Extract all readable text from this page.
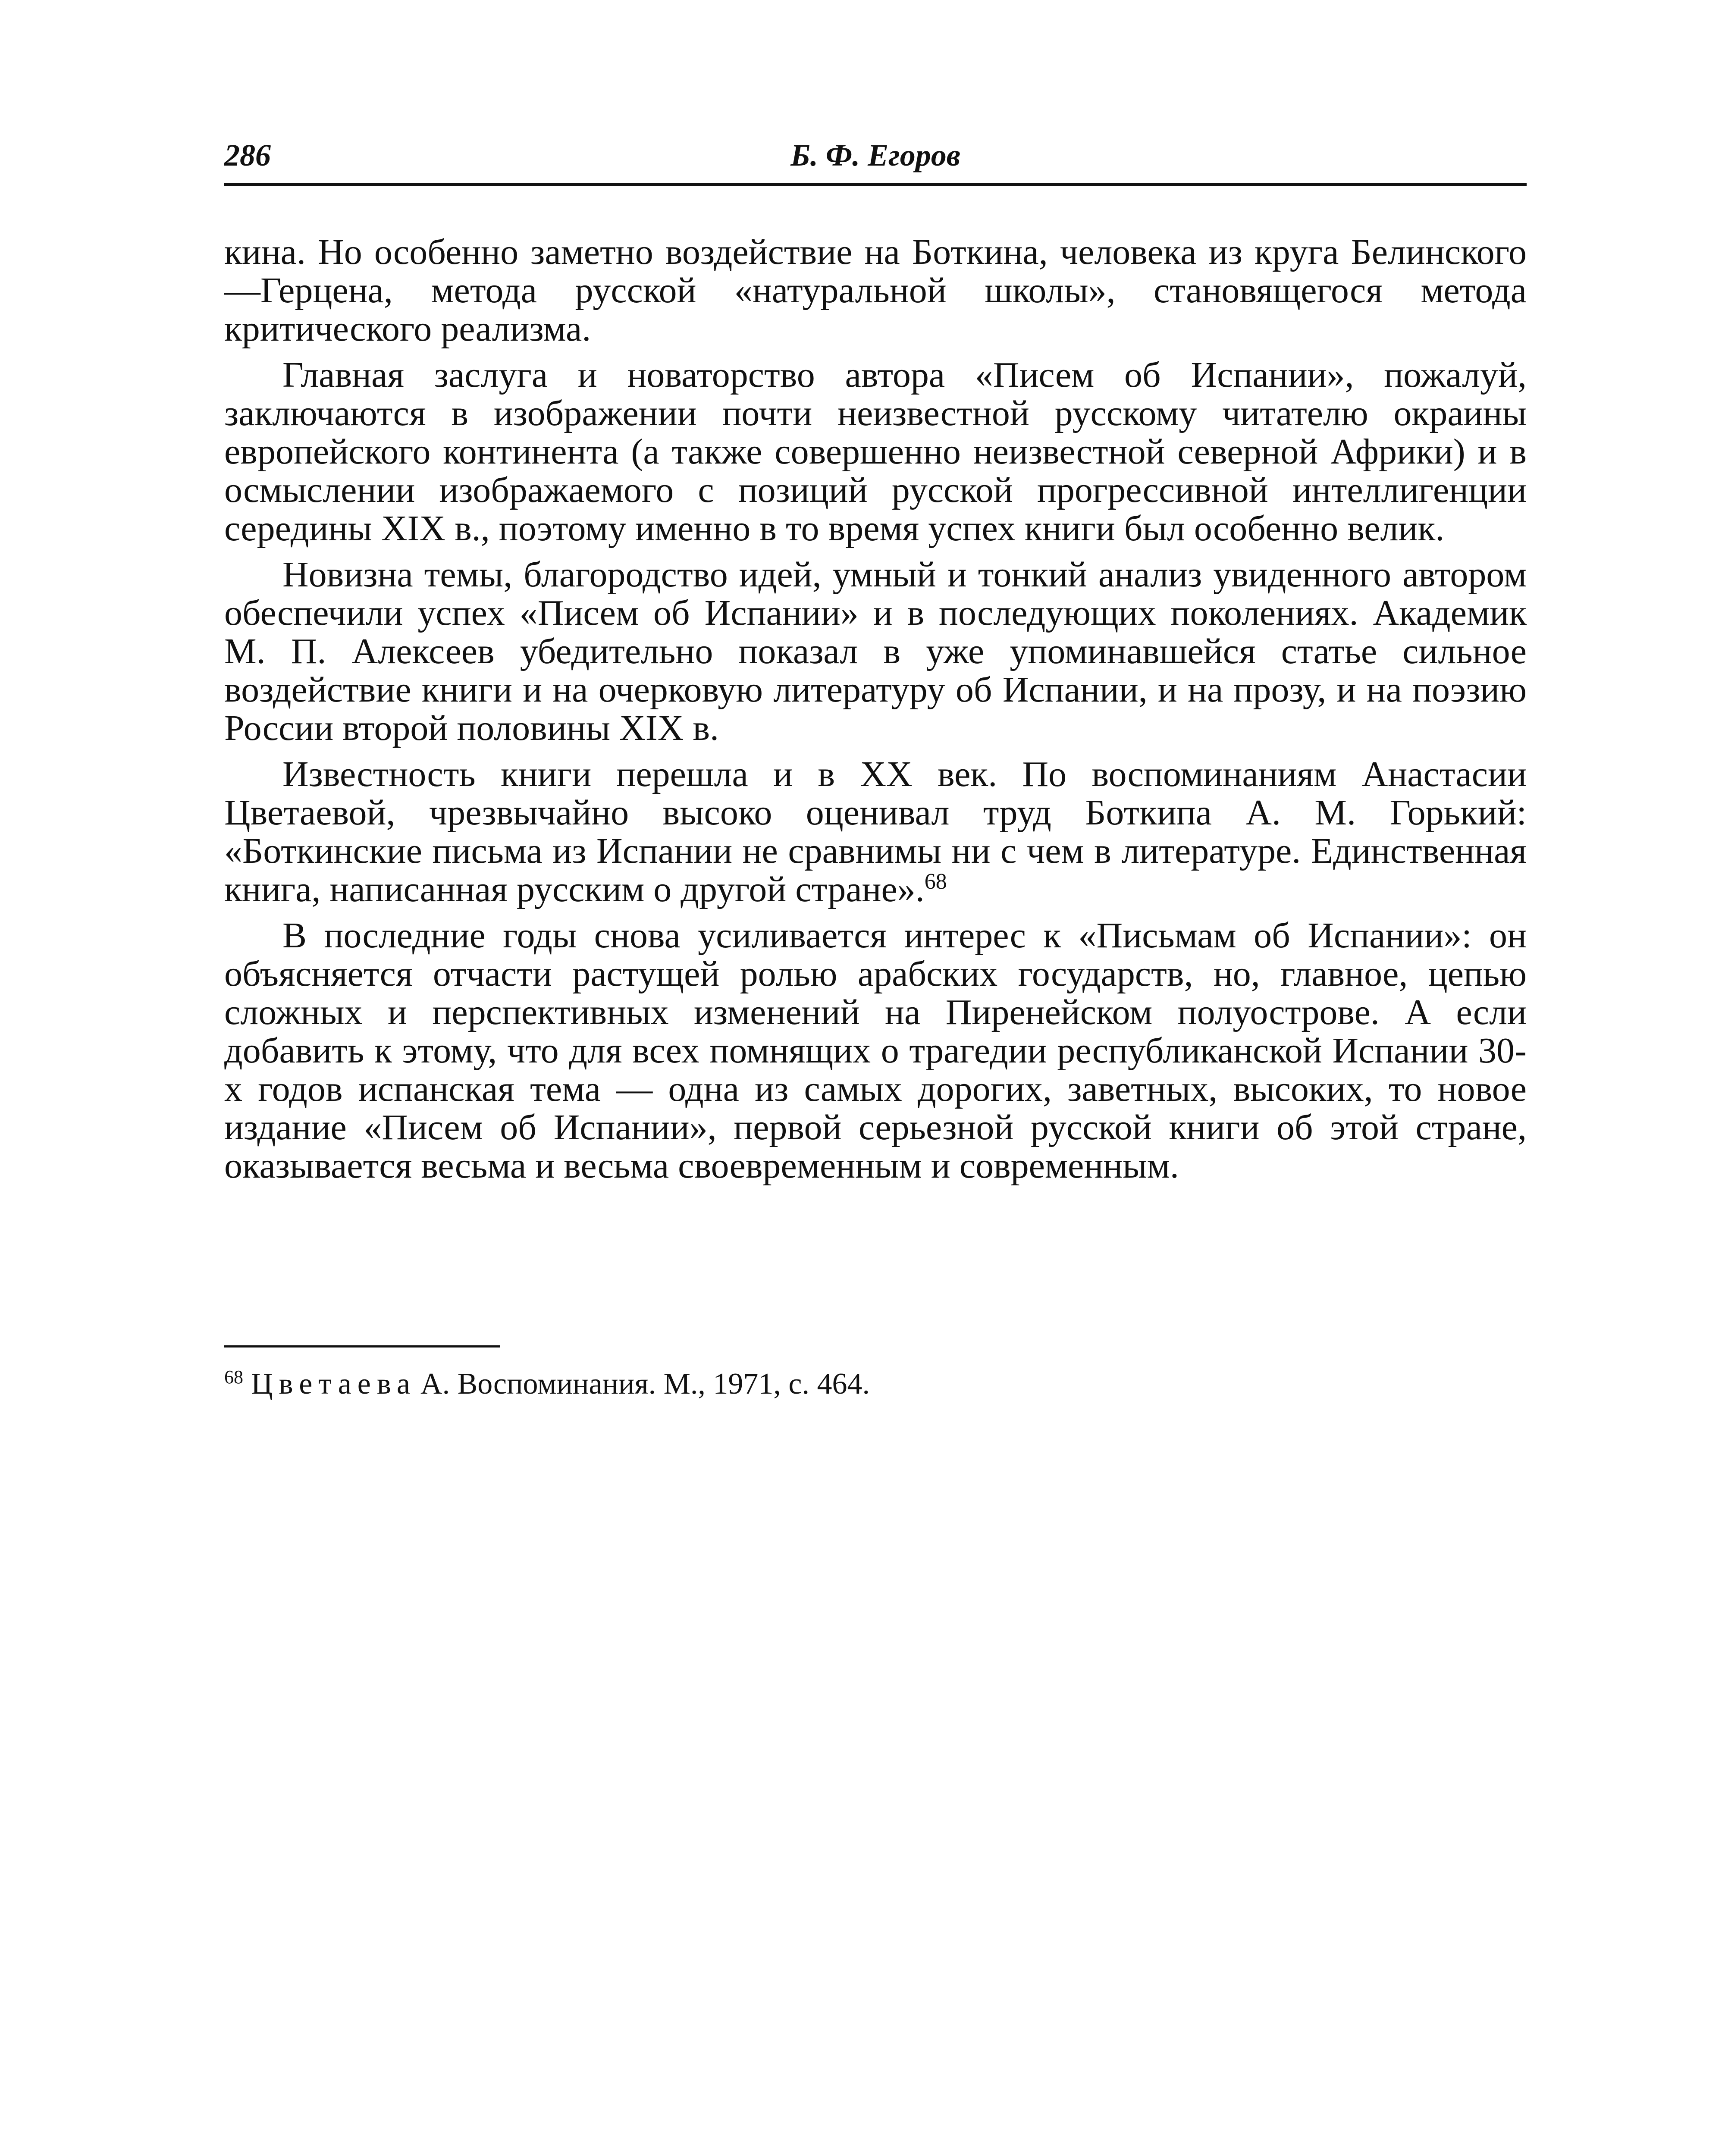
286	Б. Ф. Егоров

кина. Но особенно заметно воздействие на Боткина, человека из круга Белинского—Герцена, метода русской «натуральной школы», становящегося метода критического реализма.

Главная заслуга и новаторство автора «Писем об Испании», пожалуй, заключаются в изображении почти неизвестной русскому читателю окраины европейского континента (а также совершенно неизвестной северной Африки) и в осмыслении изображаемого с позиций русской прогрессивной интеллигенции середины XIX в., поэтому именно в то время успех книги был особенно велик.

Новизна темы, благородство идей, умный и тонкий анализ увиденного автором обеспечили успех «Писем об Испании» и в последующих поколениях. Академик М. П. Алексеев убедительно показал в уже упоминавшейся статье сильное воздействие книги и на очерковую литературу об Испании, и на прозу, и на поэзию России второй половины XIX в.

Известность книги перешла и в XX век. По воспоминаниям Анастасии Цветаевой, чрезвычайно высоко оценивал труд Боткипа А. М. Горький: «Боткинские письма из Испании не сравнимы ни с чем в литературе. Единственная книга, написанная русским о другой стране».$^{68}$

В последние годы снова усиливается интерес к «Письмам об Испании»: он объясняется отчасти растущей ролью арабских государств, но, главное, цепью сложных и перспективных изменений на Пиренейском полуострове. А если добавить к этому, что для всех помнящих о трагедии республиканской Испании 30-х годов испанская тема — одна из самых дорогих, заветных, высоких, то новое издание «Писем об Испании», первой серьезной русской книги об этой стране, оказывается весьма и весьма своевременным и современным.

$^{68}$ Цветаева А. Воспоминания. М., 1971, с. 464.
